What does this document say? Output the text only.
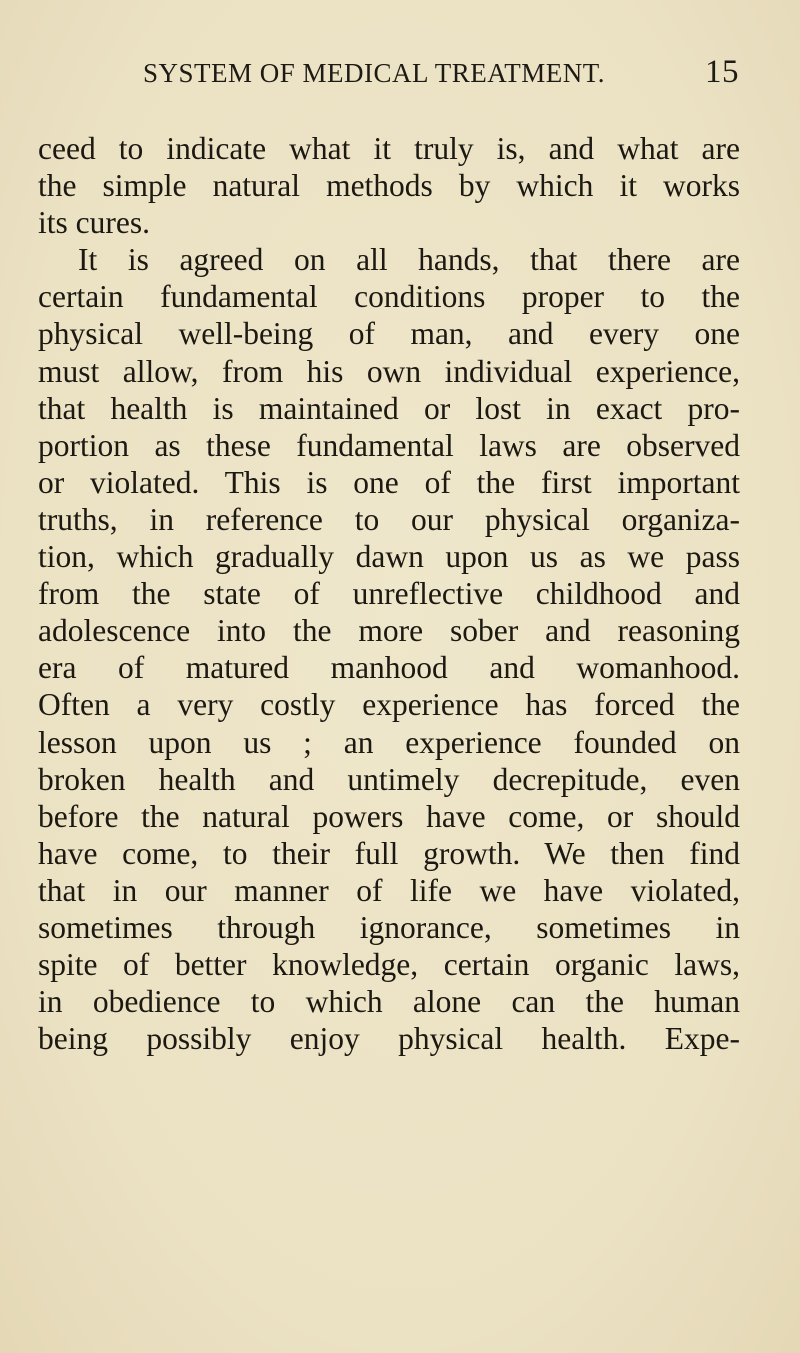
SYSTEM OF MEDICAL TREATMENT.	15
ceed to indicate what it truly is, and what are
the simple natural methods by which it works
its cures.
It is agreed on all hands, that there are
certain fundamental conditions proper to the
physical well-being of man, and every one
must allow, from his own individual experience,
that health is maintained or lost in exact pro-
portion as these fundamental laws are observed
or violated. This is one of the first important
truths, in reference to our physical organiza-
tion, which gradually dawn upon us as we pass
from the state of unreflective childhood and
adolescence into the more sober and reasoning
era of matured manhood and womanhood.
Often a very costly experience has forced the
lesson upon us ; an experience founded on
broken health and untimely decrepitude, even
before the natural powers have come, or should
have come, to their full growth. We then find
that in our manner of life we have violated,
sometimes through ignorance, sometimes in
spite of better knowledge, certain organic laws,
in obedience to which alone can the human
being possibly enjoy physical health. Expe-
